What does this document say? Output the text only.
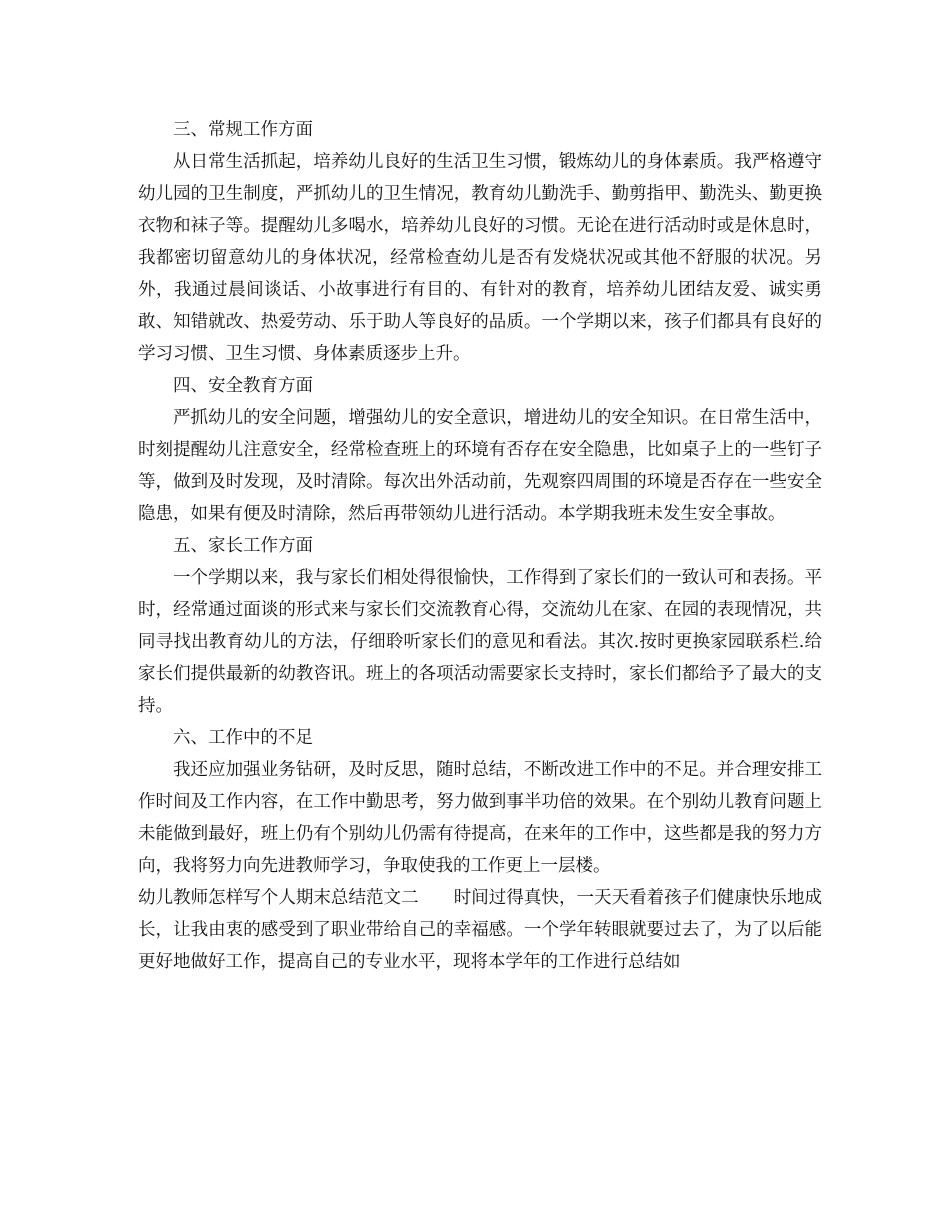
三、常规工作方面

从日常生活抓起，培养幼儿良好的生活卫生习惯，锻炼幼儿的身体素质。我严格遵守幼儿园的卫生制度，严抓幼儿的卫生情况，教育幼儿勤洗手、勤剪指甲、勤洗头、勤更换衣物和袜子等。提醒幼儿多喝水，培养幼儿良好的习惯。无论在进行活动时或是休息时，我都密切留意幼儿的身体状况，经常检查幼儿是否有发烧状况或其他不舒服的状况。另外，我通过晨间谈话、小故事进行有目的、有针对的教育，培养幼儿团结友爱、诚实勇敢、知错就改、热爱劳动、乐于助人等良好的品质。一个学期以来，孩子们都具有良好的学习习惯、卫生习惯、身体素质逐步上升。

四、安全教育方面

严抓幼儿的安全问题，增强幼儿的安全意识，增进幼儿的安全知识。在日常生活中，时刻提醒幼儿注意安全，经常检查班上的环境有否存在安全隐患，比如桌子上的一些钉子等，做到及时发现，及时清除。每次出外活动前，先观察四周围的环境是否存在一些安全隐患，如果有便及时清除，然后再带领幼儿进行活动。本学期我班未发生安全事故。

五、家长工作方面

一个学期以来，我与家长们相处得很愉快，工作得到了家长们的一致认可和表扬。平时，经常通过面谈的形式来与家长们交流教育心得，交流幼儿在家、在园的表现情况，共同寻找出教育幼儿的方法，仔细聆听家长们的意见和看法。其次.按时更换家园联系栏.给家长们提供最新的幼教咨讯。班上的各项活动需要家长支持时，家长们都给予了最大的支持。

六、工作中的不足

我还应加强业务钻研，及时反思，随时总结，不断改进工作中的不足。并合理安排工作时间及工作内容，在工作中勤思考，努力做到事半功倍的效果。在个别幼儿教育问题上未能做到最好，班上仍有个别幼儿仍需有待提高，在来年的工作中，这些都是我的努力方向，我将努力向先进教师学习，争取使我的工作更上一层楼。

幼儿教师怎样写个人期末总结范文二　　时间过得真快，一天天看着孩子们健康快乐地成长，让我由衷的感受到了职业带给自己的幸福感。一个学年转眼就要过去了，为了以后能更好地做好工作，提高自己的专业水平，现将本学年的工作进行总结如
